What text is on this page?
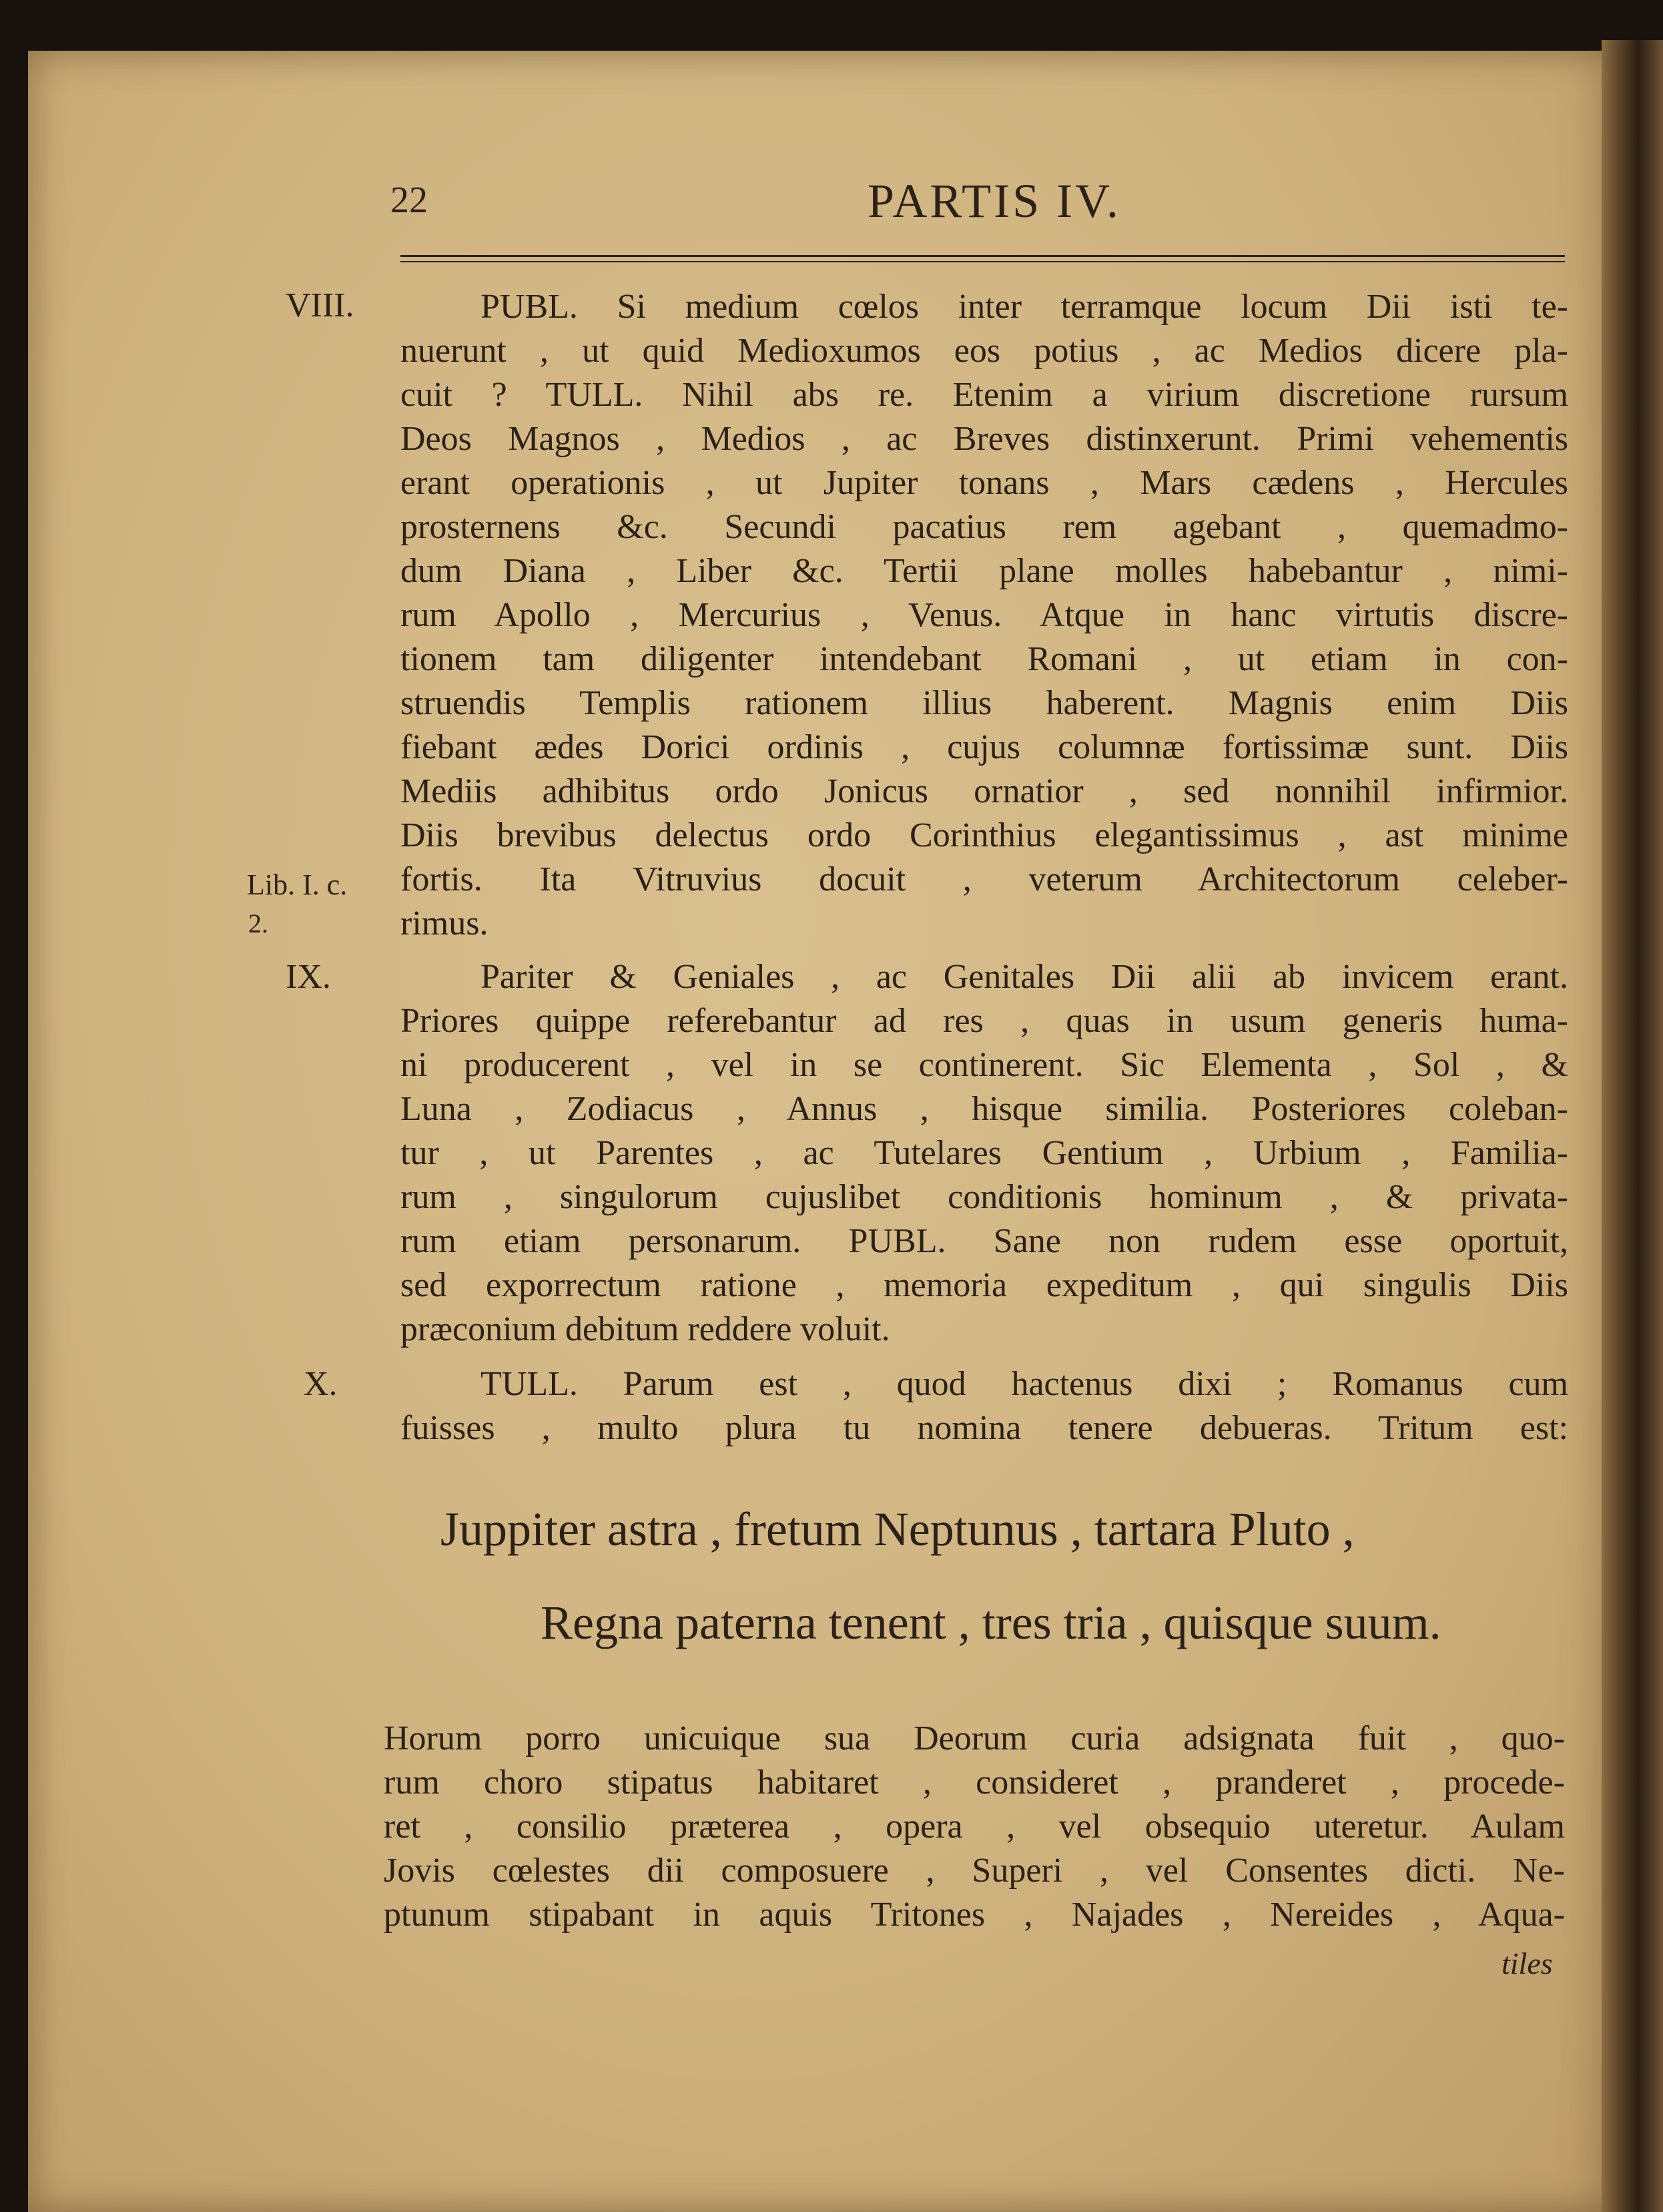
22	PARTIS IV.
VIII.
IX.
X.
Lib. I. c.
2.
PUBL. Si medium cœlos inter terramque locum Dii isti te-
nuerunt , ut quid Medioxumos eos potius , ac Medios dicere pla-
cuit ? TULL. Nihil abs re. Etenim a virium discretione rursum
Deos Magnos , Medios , ac Breves distinxerunt. Primi vehementis
erant operationis , ut Jupiter tonans , Mars cædens , Hercules
prosternens &c. Secundi pacatius rem agebant , quemadmo-
dum Diana , Liber &c. Tertii plane molles habebantur , nimi-
rum Apollo , Mercurius , Venus. Atque in hanc virtutis discre-
tionem tam diligenter intendebant Romani , ut etiam in con-
struendis Templis rationem illius haberent. Magnis enim Diis
fiebant ædes Dorici ordinis , cujus columnæ fortissimæ sunt. Diis
Mediis adhibitus ordo Jonicus ornatior , sed nonnihil infirmior.
Diis brevibus delectus ordo Corinthius elegantissimus , ast minime
fortis. Ita Vitruvius docuit , veterum Architectorum celeber-
rimus.
Pariter & Geniales , ac Genitales Dii alii ab invicem erant.
Priores quippe referebantur ad res , quas in usum generis huma-
ni producerent , vel in se continerent. Sic Elementa , Sol , &
Luna , Zodiacus , Annus , hisque similia. Posteriores coleban-
tur , ut Parentes , ac Tutelares Gentium , Urbium , Familia-
rum , singulorum cujuslibet conditionis hominum , & privata-
rum etiam personarum. PUBL. Sane non rudem esse oportuit,
sed exporrectum ratione , memoria expeditum , qui singulis Diis
præconium debitum reddere voluit.
TULL. Parum est , quod hactenus dixi ; Romanus cum
fuisses , multo plura tu nomina tenere debueras. Tritum est:
Juppiter astra , fretum Neptunus , tartara Pluto ,
Regna paterna tenent , tres tria , quisque suum.
Horum porro unicuique sua Deorum curia adsignata fuit , quo-
rum choro stipatus habitaret , consideret , pranderet , procede-
ret , consilio præterea , opera , vel obsequio uteretur. Aulam
Jovis cœlestes dii composuere , Superi , vel Consentes dicti. Ne-
ptunum stipabant in aquis Tritones , Najades , Nereides , Aqua-
tiles
